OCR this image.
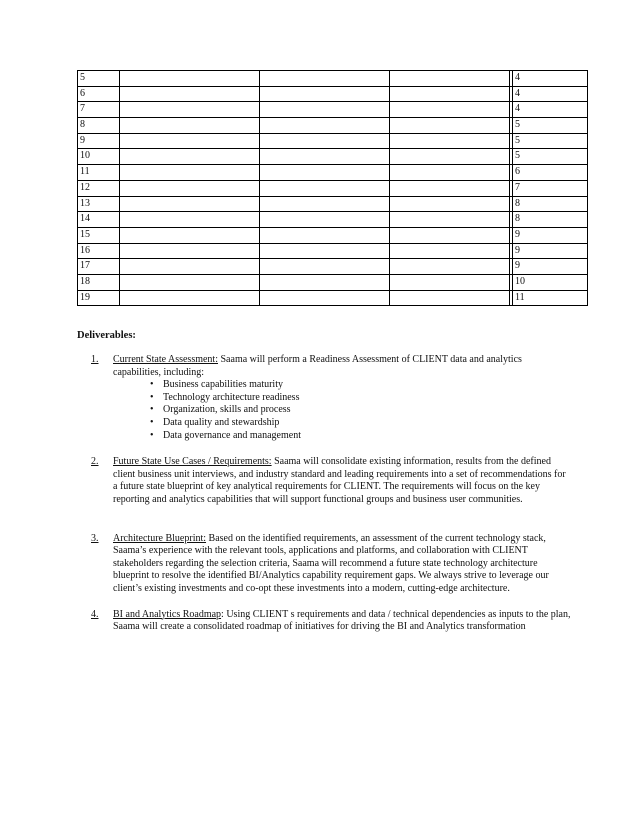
5					4
6					4
7					4
8					5
9					5
10					5
11					6
12					7
13					8
14					8
15					9
16					9
17					9
18					10
19					11
Deliverables:
1. Current State Assessment: Saama will perform a Readiness Assessment of CLIENT data and analytics capabilities, including:
• Business capabilities maturity
• Technology architecture readiness
• Organization, skills and process
• Data quality and stewardship
• Data governance and management
2. Future State Use Cases / Requirements: Saama will consolidate existing information, results from the defined client business unit interviews, and industry standard and leading requirements into a set of recommendations for a future state blueprint of key analytical requirements for CLIENT. The requirements will focus on the key reporting and analytics capabilities that will support functional groups and business user communities.
3. Architecture Blueprint: Based on the identified requirements, an assessment of the current technology stack, Saama’s experience with the relevant tools, applications and platforms, and collaboration with CLIENT stakeholders regarding the selection criteria, Saama will recommend a future state technology architecture blueprint to resolve the identified BI/Analytics capability requirement gaps. We always strive to leverage our client’s existing investments and co-opt these investments into a modern, cutting-edge architecture.
4. BI and Analytics Roadmap: Using CLIENT s requirements and data / technical dependencies as inputs to the plan, Saama will create a consolidated roadmap of initiatives for driving the BI and Analytics transformation
